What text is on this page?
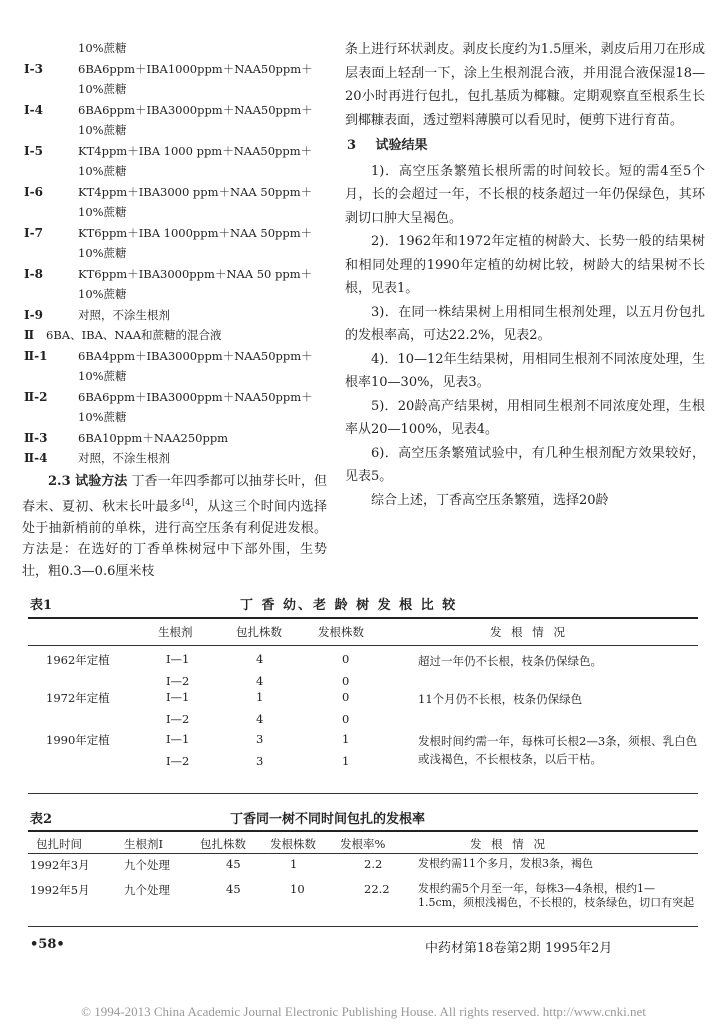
10%蔗糖
Ⅰ-3	6BA6ppm＋IBA1000ppm＋NAA50ppm＋
10%蔗糖
Ⅰ-4	6BA6ppm＋IBA3000ppm＋NAA50ppm＋
10%蔗糖
Ⅰ-5	KT4ppm＋IBA 1000 ppm＋NAA50ppm＋
10%蔗糖
Ⅰ-6	KT4ppm＋IBA3000 ppm＋NAA 50ppm＋
10%蔗糖
Ⅰ-7	KT6ppm＋IBA 1000ppm＋NAA 50ppm＋
10%蔗糖
Ⅰ-8	KT6ppm＋IBA3000ppm＋NAA 50 ppm＋
10%蔗糖
Ⅰ-9	对照，不涂生根剂
Ⅱ 6BA、IBA、NAA和蔗糖的混合液
Ⅱ-1	6BA4ppm＋IBA3000ppm＋NAA50ppm＋
10%蔗糖
Ⅱ-2	6BA6ppm＋IBA3000ppm＋NAA50ppm＋
10%蔗糖
Ⅱ-3	6BA10ppm＋NAA250ppm
Ⅱ-4	对照，不涂生根剂

2.3 试验方法 丁香一年四季都可以抽芽长叶，但春末、夏初、秋末长叶最多[4]，从这三个时间内选择处于抽新梢前的单株，进行高空压条有利促进发根。方法是：在选好的丁香单株树冠中下部外围，生势壮，粗0.3—0.6厘米枝

条上进行环状剥皮。剥皮长度约为1.5厘米，剥皮后用刀在形成层表面上轻刮一下，涂上生根剂混合液，并用混合液保湿18—20小时再进行包扎，包扎基质为椰糠。定期观察直至根系生长到椰糠表面，透过塑料薄膜可以看见时，便剪下进行育苗。

3 试验结果

1)．高空压条繁殖长根所需的时间较长。短的需4至5个月，长的会超过一年，不长根的枝条超过一年仍保绿色，其环剥切口肿大呈褐色。

2)．1962年和1972年定植的树龄大、长势一般的结果树和相同处理的1990年定植的幼树比较，树龄大的结果树不长根，见表1。

3)．在同一株结果树上用相同生根剂处理，以五月份包扎的发根率高，可达22.2%，见表2。

4)．10—12年生结果树，用相同生根剂不同浓度处理，生根率10—30%，见表3。

5)．20龄高产结果树，用相同生根剂不同浓度处理，生根率从20—100%，见表4。

6)．高空压条繁殖试验中，有几种生根剂配方效果较好，见表5。

综合上述，丁香高空压条繁殖，选择20龄

表1	丁 香 幼、老 龄 树 发 根 比 较
生根剂	包扎株数	发根株数	发 根 情 况
1962年定植	Ⅰ—1	4	0	超过一年仍不长根，枝条仍保绿色。
Ⅰ—2	4	0
1972年定植	Ⅰ—1	1	0	11个月仍不长根，枝条仍保绿色
Ⅰ—2	4	0
1990年定植	Ⅰ—1	3	1	发根时间约需一年，每株可长根2—3条，须根、乳白色或浅褐色，不长根枝条，以后干枯。
Ⅰ—2	3	1
表2	丁香同一树不同时间包扎的发根率
包扎时间	生根剂Ⅰ	包扎株数 发根株数 发根率%	发 根 情 况
1992年3月	九个处理	45	1	2.2	发根约需11个多月，发根3条，褐色
1992年5月	九个处理	45	10	22.2	发根约需5个月至一年，每株3—4条根，根约1—1.5cm，须根浅褐色，不长根的，枝条绿色，切口有突起
•58•	中药材第18卷第2期 1995年2月
© 1994-2013 China Academic Journal Electronic Publishing House. All rights reserved. http://www.cnki.net
